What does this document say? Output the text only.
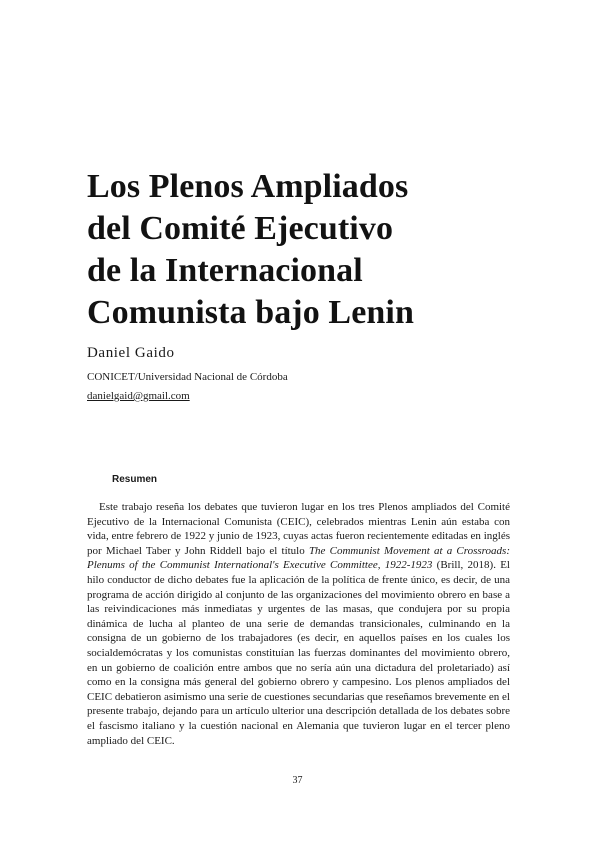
Los Plenos Ampliados
del Comité Ejecutivo
de la Internacional
Comunista bajo Lenin
Daniel Gaido
CONICET/Universidad Nacional de Córdoba
danielgaid@gmail.com
Resumen

Este trabajo reseña los debates que tuvieron lugar en los tres Plenos ampliados del Comité Ejecutivo de la Internacional Comunista (CEIC), celebrados mientras Lenin aún estaba con vida, entre febrero de 1922 y junio de 1923, cuyas actas fueron recientemente editadas en inglés por Michael Taber y John Riddell bajo el título The Communist Movement at a Crossroads: Plenums of the Communist International's Executive Committee, 1922-1923 (Brill, 2018). El hilo conductor de dicho debates fue la aplicación de la política de frente único, es decir, de una programa de acción dirigido al conjunto de las organizaciones del movimiento obrero en base a las reivindicaciones más inmediatas y urgentes de las masas, que condujera por su propia dinámica de lucha al planteo de una serie de demandas transicionales, culminando en la consigna de un gobierno de los trabajadores (es decir, en aquellos países en los cuales los socialdemócratas y los comunistas constituían las fuerzas dominantes del movimiento obrero, en un gobierno de coalición entre ambos que no sería aún una dictadura del proletariado) así como en la consigna más general del gobierno obrero y campesino. Los plenos ampliados del CEIC debatieron asimismo una serie de cuestiones secundarias que reseñamos brevemente en el presente trabajo, dejando para un artículo ulterior una descripción detallada de los debates sobre el fascismo italiano y la cuestión nacional en Alemania que tuvieron lugar en el tercer pleno ampliado del CEIC.

37
